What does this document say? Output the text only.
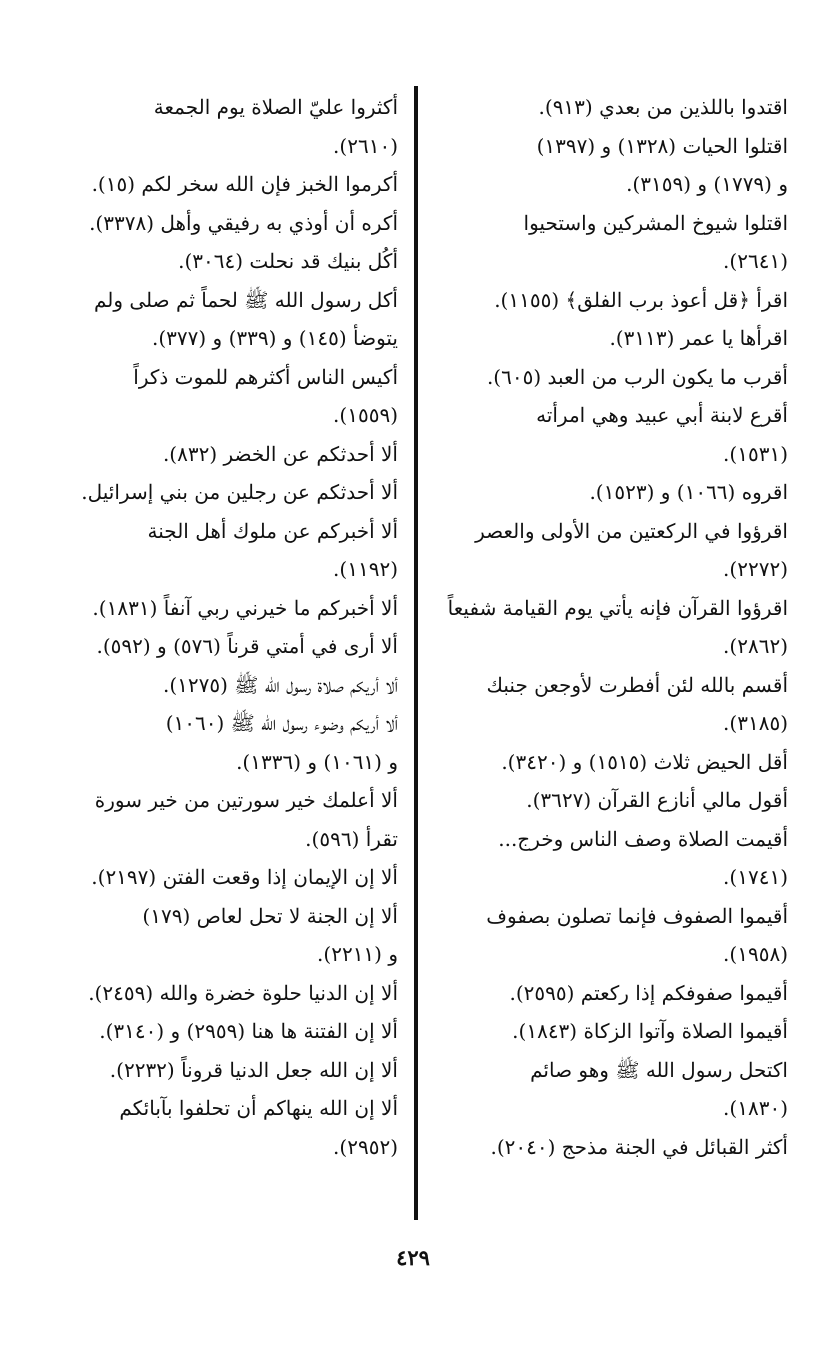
اقتدوا باللذين من بعدي (٩١٣).

اقتلوا الحيات (١٣٢٨) و (١٣٩٧)

و (١٧٧٩) و (٣١٥٩).

اقتلوا شيوخ المشركين واستحيوا

(٢٦٤١).

اقرأ ﴿قل أعوذ برب الفلق﴾ (١١٥٥).

اقرأها يا عمر (٣١١٣).

أقرب ما يكون الرب من العبد (٦٠٥).

أقرع لابنة أبي عبيد وهي امرأته

(١٥٣١).

اقروه (١٠٦٦) و (١٥٢٣).

اقرؤوا في الركعتين من الأولى والعصر

(٢٢٧٢).

اقرؤوا القرآن فإنه يأتي يوم القيامة شفيعاً

(٢٨٦٢).

أقسم بالله لئن أفطرت لأوجعن جنبك

(٣١٨٥).

أقل الحيض ثلاث (١٥١٥) و (٣٤٢٠).

أقول مالي أنازع القرآن (٣٦٢٧).

أقيمت الصلاة وصف الناس وخرج...

(١٧٤١).

أقيموا الصفوف فإنما تصلون بصفوف

(١٩٥٨).

أقيموا صفوفكم إذا ركعتم (٢٥٩٥).

أقيموا الصلاة وآتوا الزكاة (١٨٤٣).

اكتحل رسول الله ﷺ وهو صائم

(١٨٣٠).

أكثر القبائل في الجنة مذحج (٢٠٤٠).

أكثروا عليّ الصلاة يوم الجمعة

(٢٦١٠).

أكرموا الخبز فإن الله سخر لكم (١٥).

أكره أن أوذي به رفيقي وأهل (٣٣٧٨).

أكُل بنيك قد نحلت (٣٠٦٤).

أكل رسول الله ﷺ لحماً ثم صلى ولم

يتوضأ (١٤٥) و (٣٣٩) و (٣٧٧).

أكيس الناس أكثرهم للموت ذكراً

(١٥٥٩).

ألا أحدثكم عن الخضر (٨٣٢).

ألا أحدثكم عن رجلين من بني إسرائيل.

ألا أخبركم عن ملوك أهل الجنة

(١١٩٢).

ألا أخبركم ما خيرني ربي آنفاً (١٨٣١).

ألا أرى في أمتي قرناً (٥٧٦) و (٥٩٢).

ألا أريكم صلاة رسول الله ﷺ (١٢٧٥).

ألا أريكم وضوء رسول الله ﷺ (١٠٦٠)

و (١٠٦١) و (١٣٣٦).

ألا أعلمك خير سورتين من خير سورة

تقرأ (٥٩٦).

ألا إن الإيمان إذا وقعت الفتن (٢١٩٧).

ألا إن الجنة لا تحل لعاص (١٧٩)

و (٢٢١١).

ألا إن الدنيا حلوة خضرة والله (٢٤٥٩).

ألا إن الفتنة ها هنا (٢٩٥٩) و (٣١٤٠).

ألا إن الله جعل الدنيا قروناً (٢٢٣٢).

ألا إن الله ينهاكم أن تحلفوا بآبائكم

(٢٩٥٢).

٤٢٩
